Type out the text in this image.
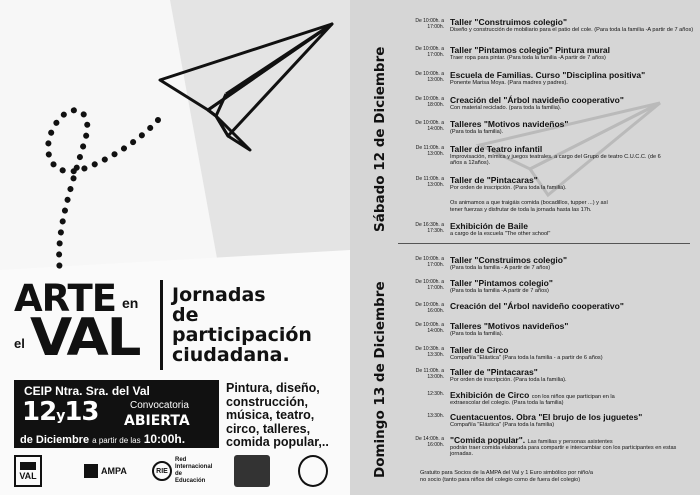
ARTE en
el VAL
Jornadas
de
participación
ciudadana.
CEIP Ntra. Sra. del Val
12y13	Convocatoria
ABIERTA
de Diciembre a partir de las 10:00h.
Pintura, diseño,
construcción,
música, teatro,
circo, talleres,
comida popular,..
VAL	AMPA	RIE
Red Internacional de Educación
Sábado 12 de Diciembre
Domingo 13 de Diciembre
De 10:00h. a 17:00h. Taller "Construimos colegio"
Diseño y construcción de mobiliario para el patio del cole. (Para toda la familia -A partir de 7 años)
De 10:00h. a 17:00h. Taller "Pintamos colegio" Pintura mural
Traer ropa para pintar. (Para toda la familia -A partir de 7 años)
De 10:00h. a 13:00h. Escuela de Familias. Curso "Disciplina positiva"
Ponente Marisa Moya. (Para madres y padres).
De 10:00h. a 18:00h. Creación del "Árbol navideño cooperativo"
Con material reciclado. (para toda la familia).
De 10:00h. a 14:00h. Talleres "Motivos navideños"
(Para toda la familia).
De 11:00h. a 13:00h. Taller de Teatro infantil
Improvisación, mímica y juegos teatrales. a cargo del Grupo de teatro C.U.C.C. (de 6 años a 12años).
De 11:00h. a 13:00h. Taller de "Pintacaras"
Por orden de inscripción. (Para toda la familia).
Os animamos a que traigáis comida (bocadillos, tupper ...) y así
tener fuerzas y disfrutar de toda la jornada hasta las 17h.
De 16:30h. a 17:30h. Exhibición de Baile
a cargo de la escuela "The other school"
De 10:00h. a 17:00h. Taller "Construimos colegio"
(Para toda la familia - A partir de 7 años)
De 10:00h. a 17:00h. Taller "Pintamos colegio"
(Para toda la familia -A partir de 7 años)
De 10:00h. a 16:00h. Creación del "Árbol navideño cooperativo"
De 10:00h. a 14:00h. Talleres "Motivos navideños"
(Para toda la familia).
De 10:30h. a 13:30h. Taller de Circo
Compañía "Elástica" (Para toda la familia - a partir de 6 años)
De 11:00h. a 13:00h. Taller de "Pintacaras"
Por orden de inscripción. (Para toda la familia).
12:30h. Exhibición de Circo con los niños que participan en la
extraescolar del colegio. (Para toda la familia)
13:30h. Cuentacuentos. Obra "El brujo de los juguetes"
Compañía "Elástica" (Para toda la familia)
De 14:00h. a 16:00h. "Comida popular". Las familias y personas asistentes
podrán traer comida elaborada para compartir e intercambiar con los participantes en estas jornadas.
Gratuito para Socios de la AMPA del Val y 1 Euro simbólico por niño/a
no socio (tanto para niños del colegio como de fuera del colegio)
